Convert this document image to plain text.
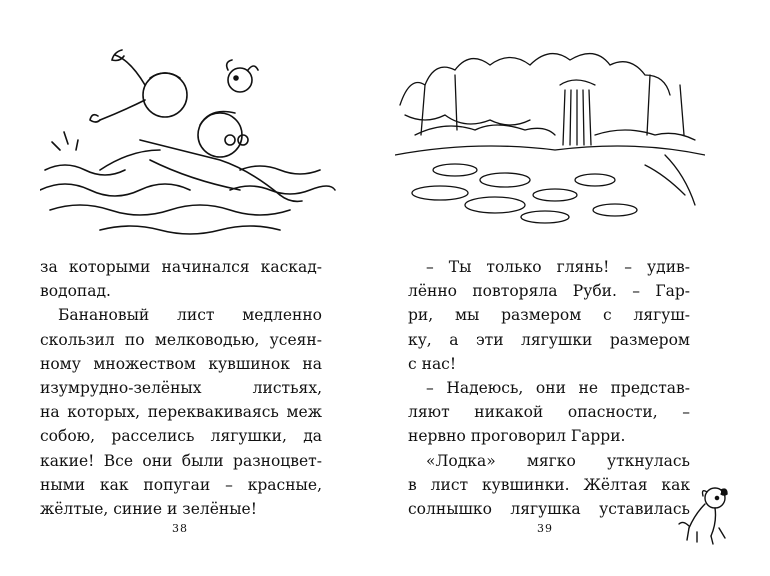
за которыми начинался каскад-
водопад.
Банановый лист медленно
скользил по мелководью, усеян-
ному множеством кувшинок на
изумрудно-зелёных листьях,
на которых, переквакиваясь меж
собою, расселись лягушки, да
какие! Все они были разноцвет-
ными как попугаи – красные,
жёлтые, синие и зелёные!
38
– Ты только глянь! – удив-
лённо повторяла Руби. – Гар-
ри, мы размером с лягуш-
ку, а эти лягушки размером
с нас!
– Надеюсь, они не представ-
ляют никакой опасности, –
нервно проговорил Гарри.
«Лодка» мягко уткнулась
в лист кувшинки. Жёлтая как
солнышко лягушка уставилась
39
